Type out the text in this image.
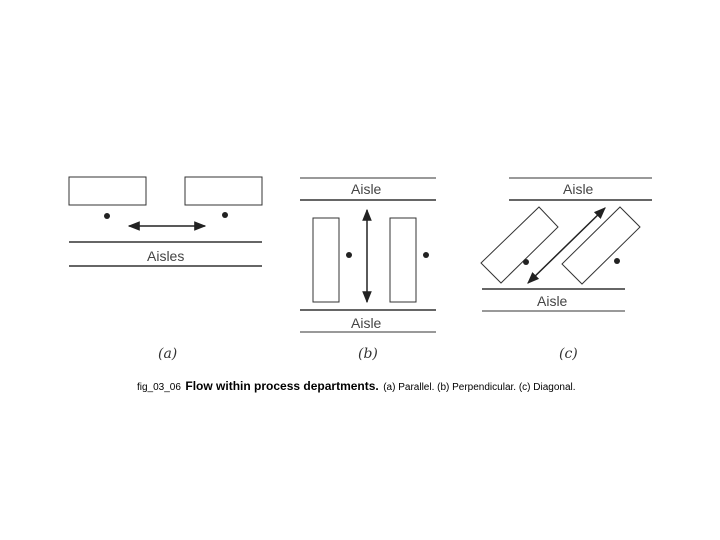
Aisles
(a)
Aisle
Aisle
(b)
Aisle
Aisle
(c)
fig_03_06 Flow within process departments. (a) Parallel. (b) Perpendicular. (c) Diagonal.
